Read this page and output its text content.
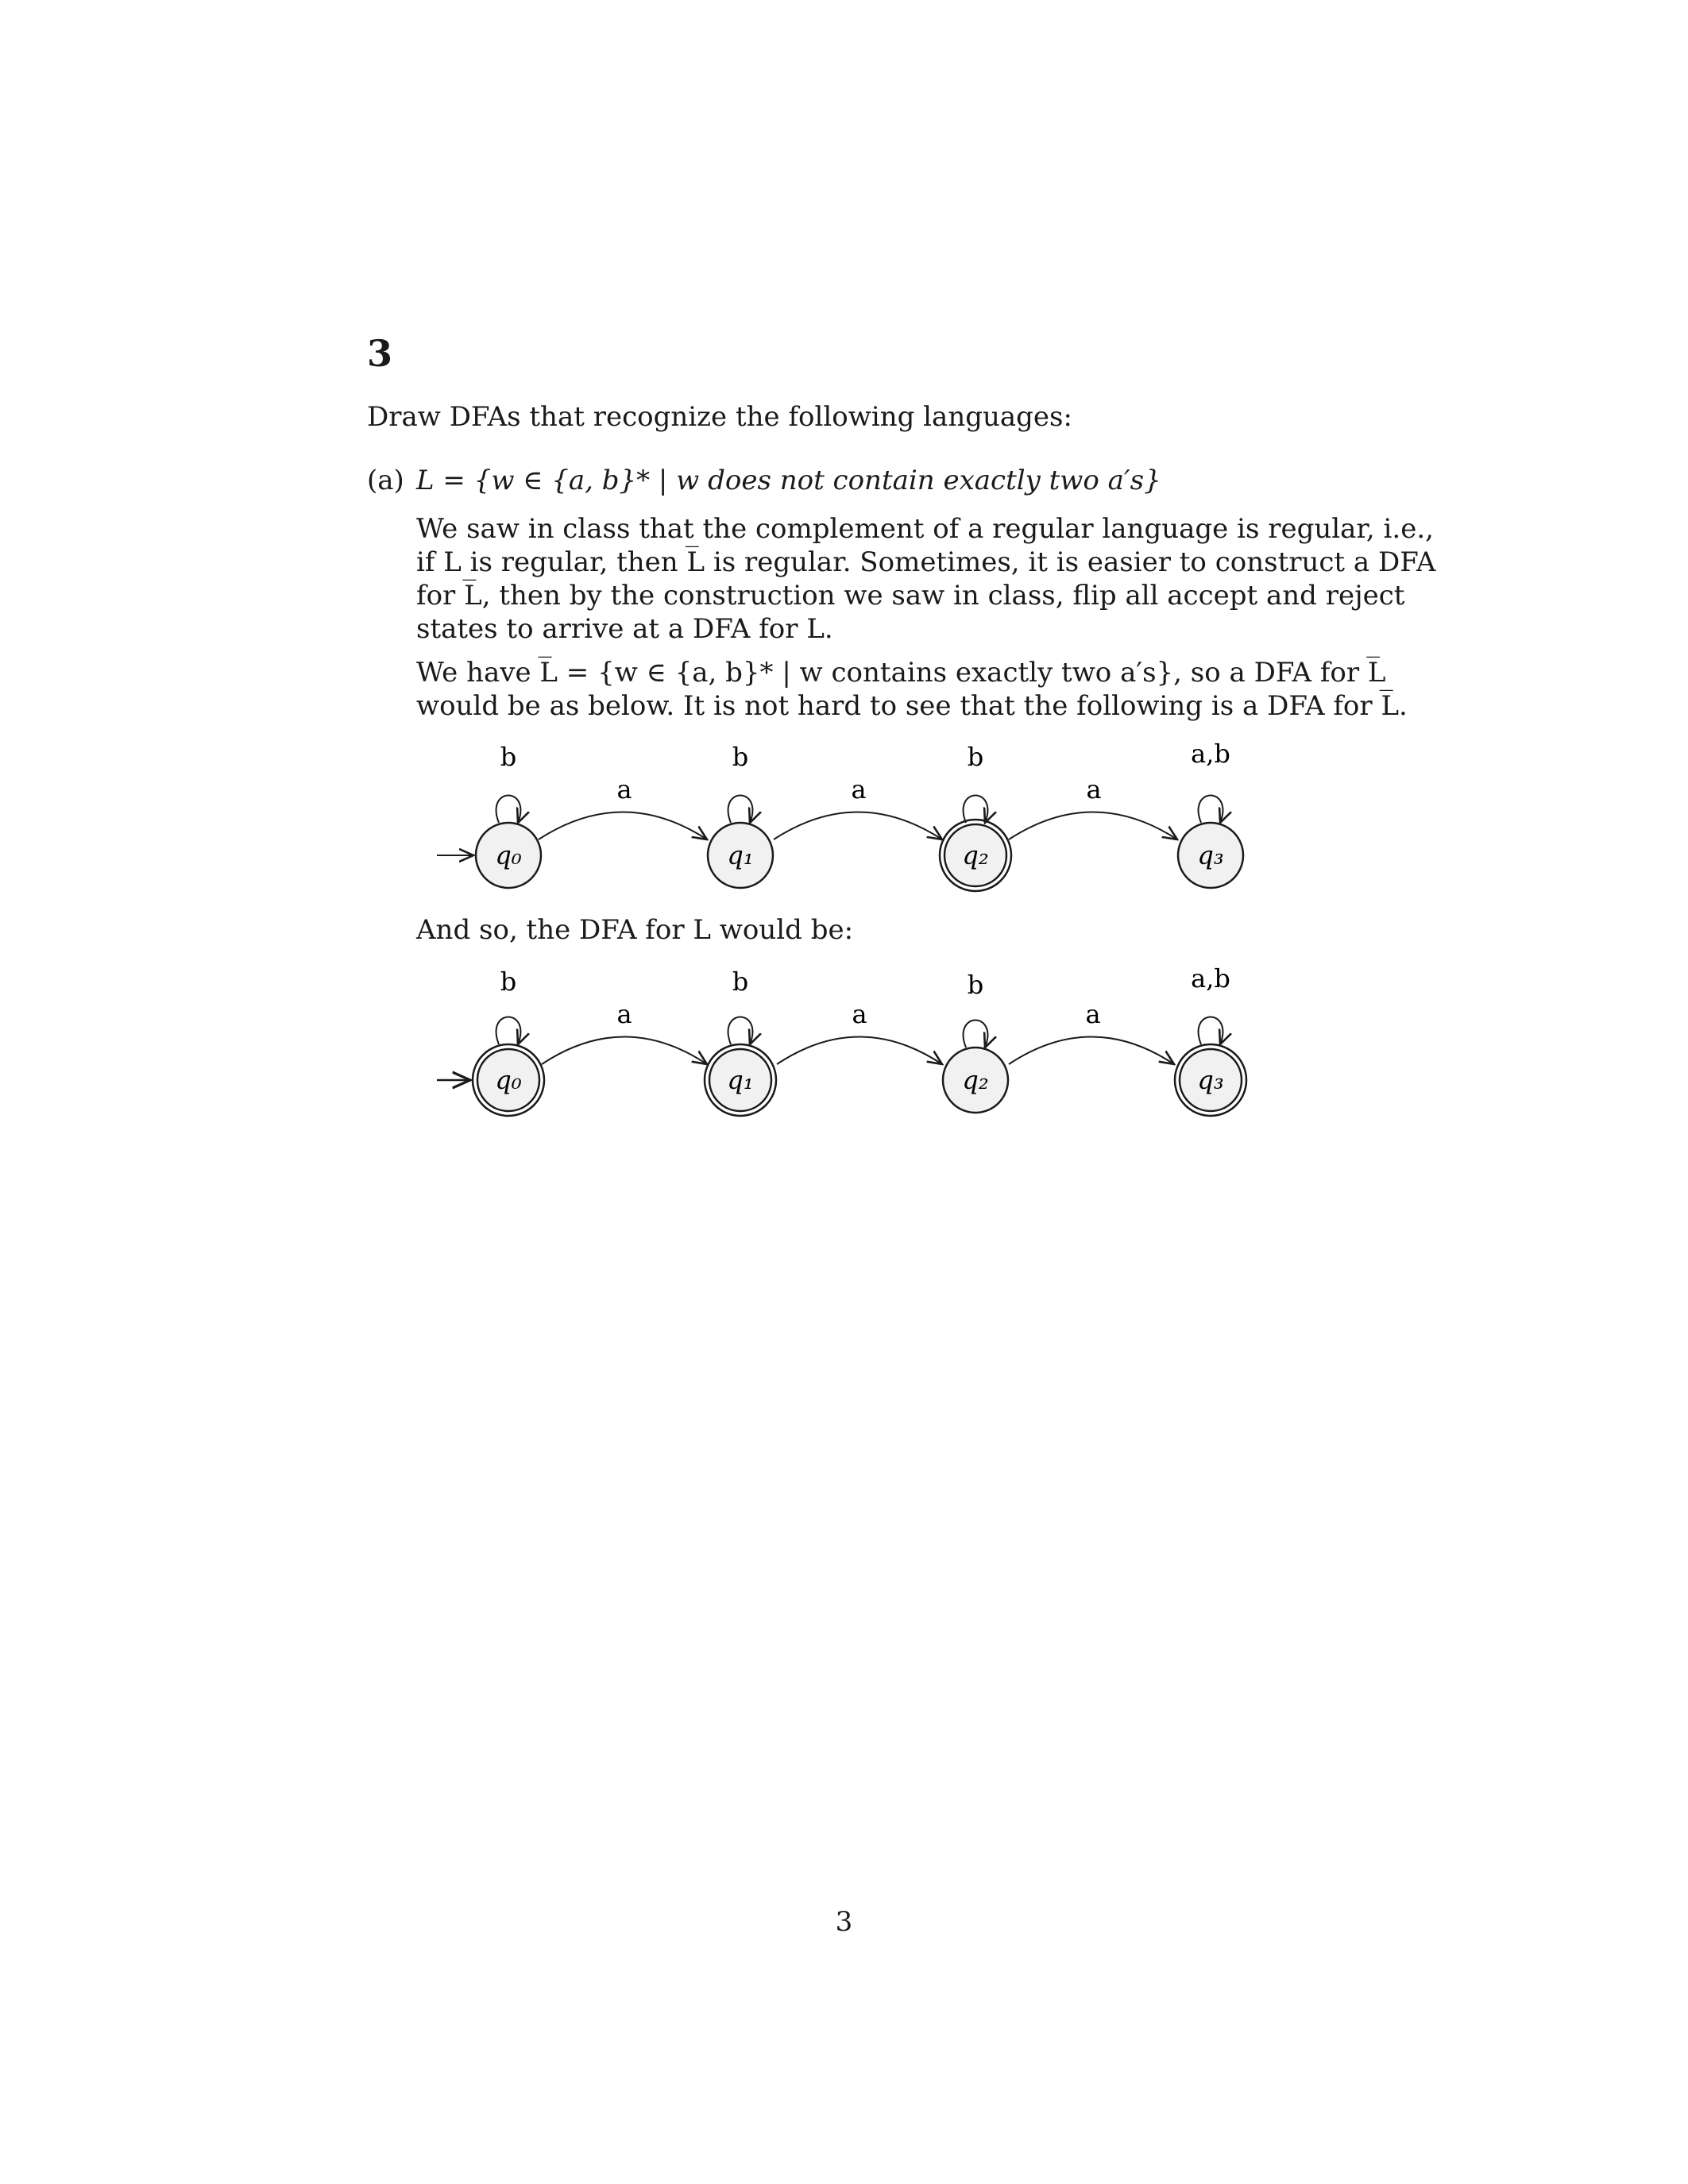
3
Draw DFAs that recognize the following languages:
(a) L = {w ∈ {a, b}* | w does not contain exactly two a′s}
We saw in class that the complement of a regular language is regular, i.e.,
if L is regular, then L̅ is regular. Sometimes, it is easier to construct a DFA
for L̅, then by the construction we saw in class, flip all accept and reject
states to arrive at a DFA for L.
We have L̅ = {w ∈ {a, b}* | w contains exactly two a′s}, so a DFA for L̅
would be as below. It is not hard to see that the following is a DFA for L̅.
q₀	q₁	q₂	q₃
b	b	b	a,b
a	a	a
And so, the DFA for L would be:
q₀	q₁	q₂	q₃
b	b	b	a,b
a	a	a
3
